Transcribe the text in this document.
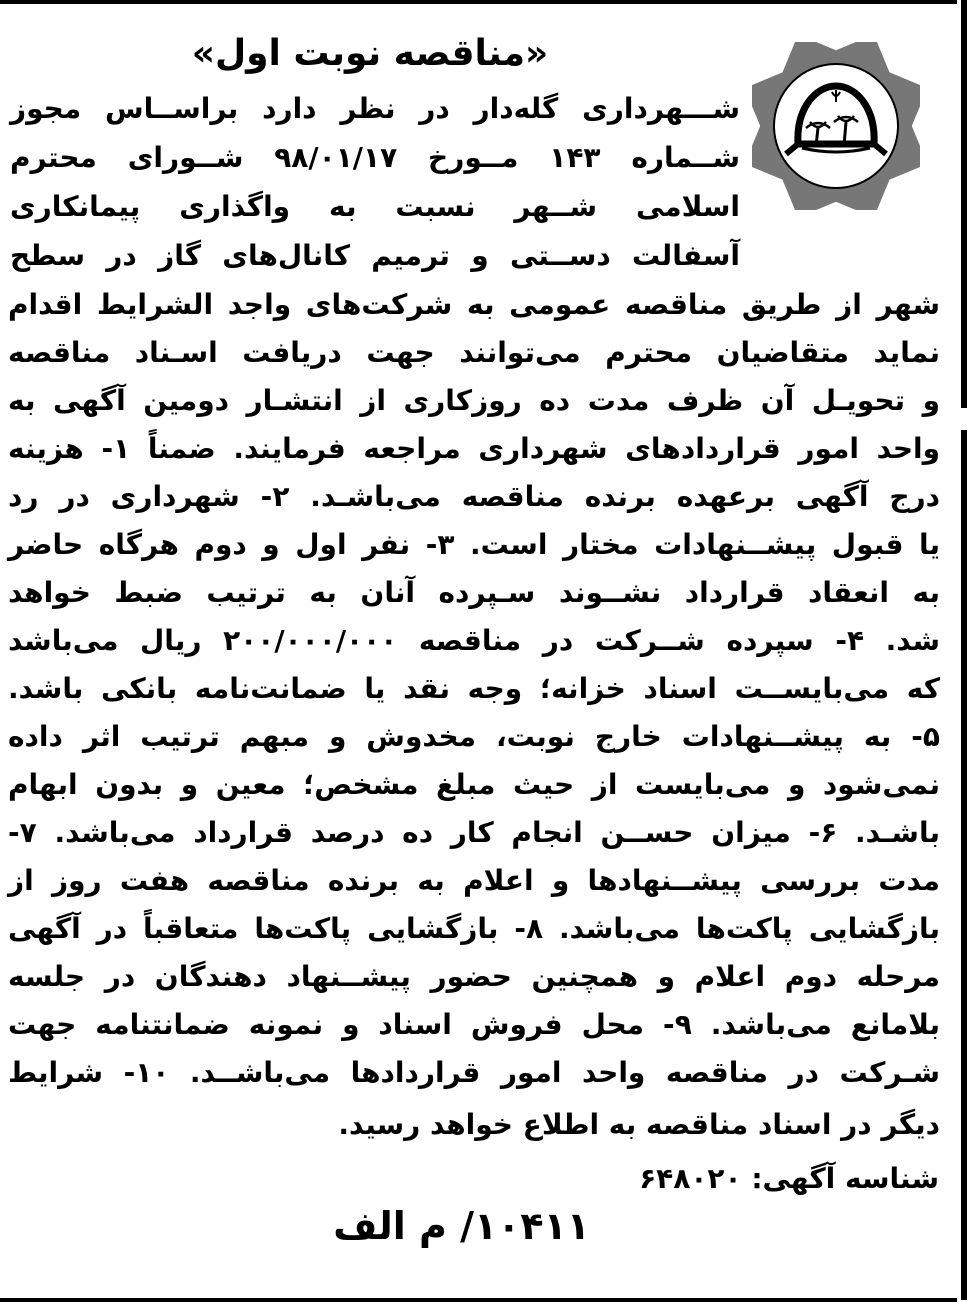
«مناقصه نوبت اول»
شـــهرداری گله‌دار در نظر دارد براســاس مجوز
شــماره ۱۴۳ مــورخ ۹۸/۰۱/۱۷ شــورای محترم
اسلامی شــهر نسبت به واگذاری پیمانکاری
آسفالت دســتی و ترمیم کانال‌های گاز در سطح
شهر از طریق مناقصه عمومی به شرکت‌های واجد الشرایط اقدام
نماید متقاضیان محترم می‌توانند جهت دریافت اسـناد مناقصه
و تحویـل آن ظرف مدت ده روزکاری از انتشـار دومین آگهی به
واحد امور قراردادهای شهرداری مراجعه فرمایند. ضمناً ۱- هزینه
درج آگهی برعهده برنده مناقصه می‌باشـد. ۲- شهرداری در رد
یا قبول پیشــنهادات مختار است. ۳- نفر اول و دوم هرگاه حاضر
به انعقاد قرارداد نشــوند سـپرده آنان به ترتیب ضبط خواهد
شد. ۴- سپرده شــرکت در مناقصه ۲۰۰/۰۰۰/۰۰۰ ریال می‌باشد
که می‌بایســت اسناد خزانه؛ وجه نقد یا ضمانت‌نامه بانکی باشد.
۵- به پیشــنهادات خارج نوبت، مخدوش و مبهم ترتیب اثر داده
نمی‌شود و می‌بایست از حیث مبلغ مشخص؛ معین و بدون ابهام
باشـد. ۶- میزان حســن انجام کار ده درصد قرارداد می‌باشد. ۷-
مدت بررسی پیشــنهادها و اعلام به برنده مناقصه هفت روز از
بازگشایی پاکت‌ها می‌باشد. ۸- بازگشایی پاکت‌ها متعاقباً در آگهی
مرحله دوم اعلام و همچنین حضور پیشــنهاد دهندگان در جلسه
بلامانع می‌باشد. ۹- محل فروش اسناد و نمونه ضمانتنامه جهت
شـرکت در مناقصه واحد امور قراردادها می‌باشــد. ۱۰- شرایط
دیگر در اسناد مناقصه به اطلاع خواهد رسید.
شناسه آگهی: ۶۴۸۰۲۰
۱۰۴۱۱/ م الف
